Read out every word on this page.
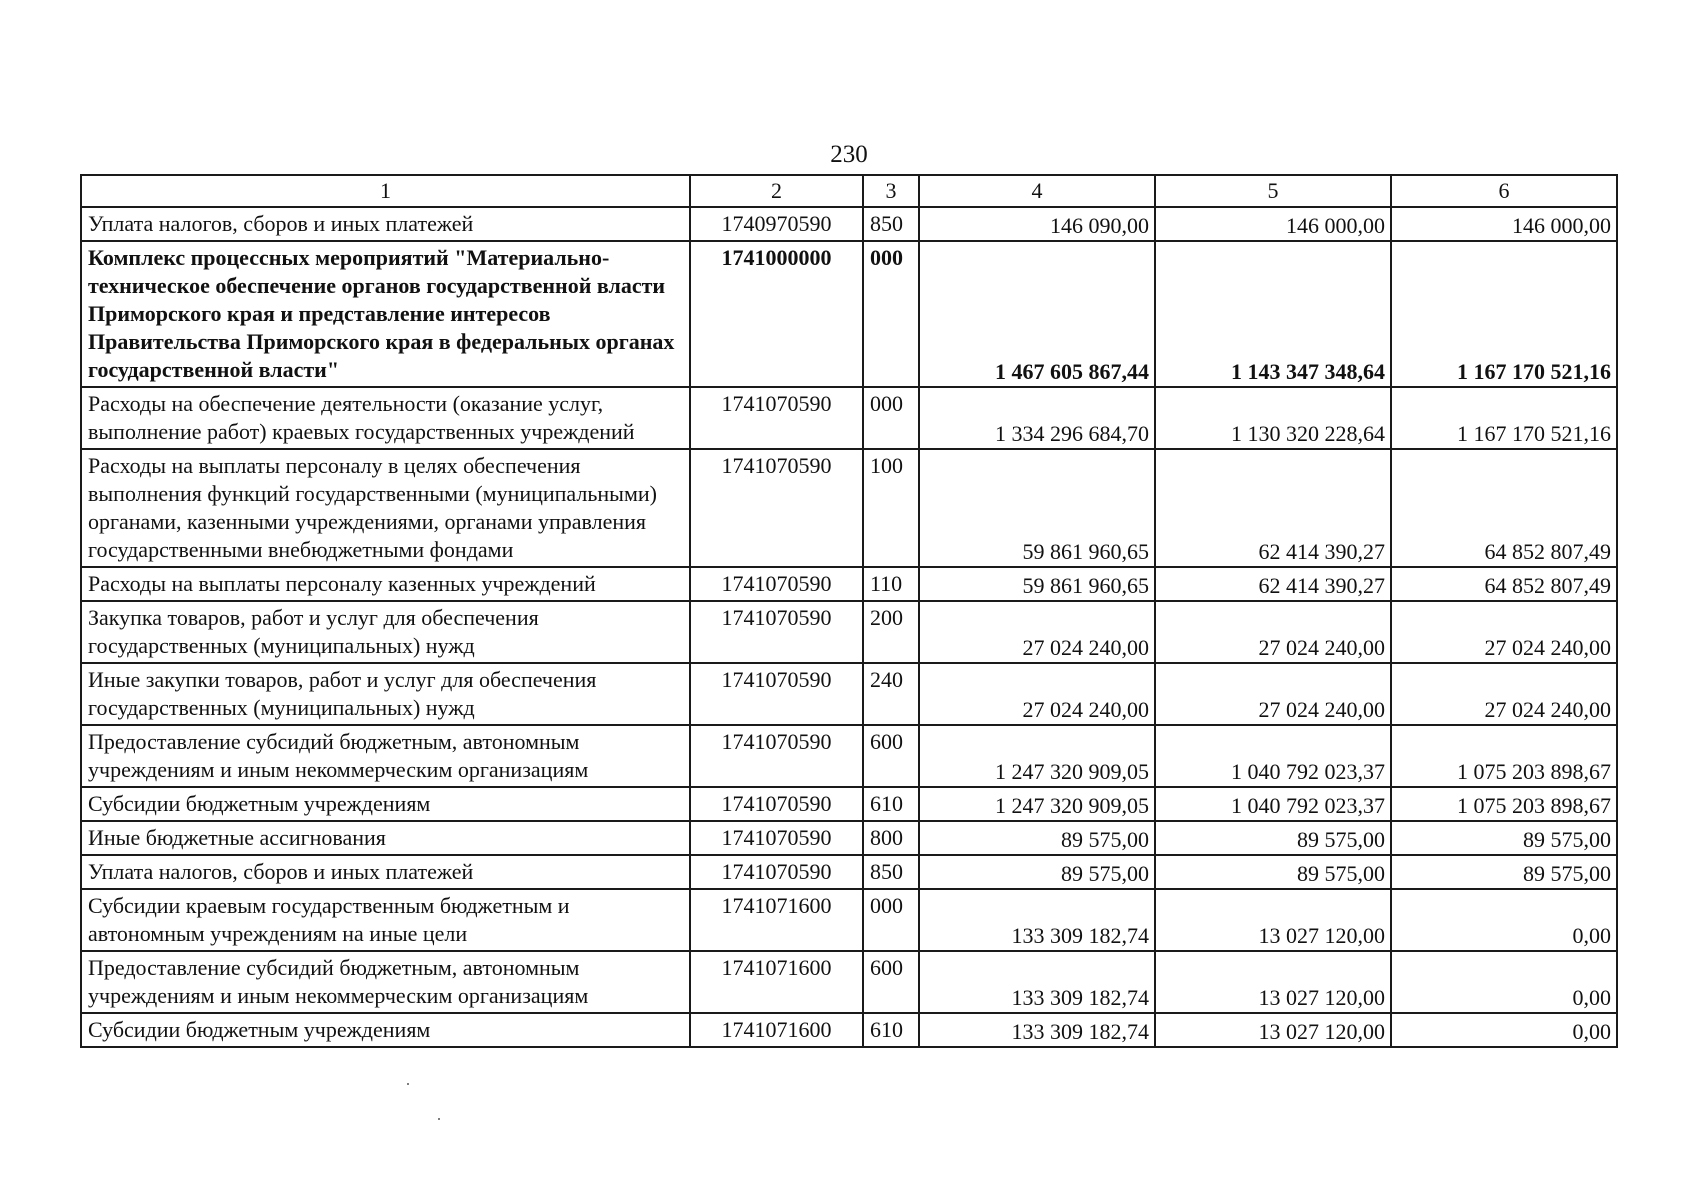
230
1	2	3	4	5	6
Уплата налогов, сборов и иных платежей	1740970590	850	146 090,00	146 000,00	146 000,00
Комплекс процессных мероприятий "Материально-техническое обеспечение органов государственной власти Приморского края и представление интересов Правительства Приморского края в федеральных органах государственной власти"	1741000000	000	1 467 605 867,44	1 143 347 348,64	1 167 170 521,16
Расходы на обеспечение деятельности (оказание услуг, выполнение работ) краевых государственных учреждений	1741070590	000	1 334 296 684,70	1 130 320 228,64	1 167 170 521,16
Расходы на выплаты персоналу в целях обеспечения выполнения функций государственными (муниципальными) органами, казенными учреждениями, органами управления государственными внебюджетными фондами	1741070590	100	59 861 960,65	62 414 390,27	64 852 807,49
Расходы на выплаты персоналу казенных учреждений	1741070590	110	59 861 960,65	62 414 390,27	64 852 807,49
Закупка товаров, работ и услуг для обеспечения государственных (муниципальных) нужд	1741070590	200	27 024 240,00	27 024 240,00	27 024 240,00
Иные закупки товаров, работ и услуг для обеспечения государственных (муниципальных) нужд	1741070590	240	27 024 240,00	27 024 240,00	27 024 240,00
Предоставление субсидий бюджетным, автономным учреждениям и иным некоммерческим организациям	1741070590	600	1 247 320 909,05	1 040 792 023,37	1 075 203 898,67
Субсидии бюджетным учреждениям	1741070590	610	1 247 320 909,05	1 040 792 023,37	1 075 203 898,67
Иные бюджетные ассигнования	1741070590	800	89 575,00	89 575,00	89 575,00
Уплата налогов, сборов и иных платежей	1741070590	850	89 575,00	89 575,00	89 575,00
Субсидии краевым государственным бюджетным и автономным учреждениям на иные цели	1741071600	000	133 309 182,74	13 027 120,00	0,00
Предоставление субсидий бюджетным, автономным учреждениям и иным некоммерческим организациям	1741071600	600	133 309 182,74	13 027 120,00	0,00
Субсидии бюджетным учреждениям	1741071600	610	133 309 182,74	13 027 120,00	0,00
